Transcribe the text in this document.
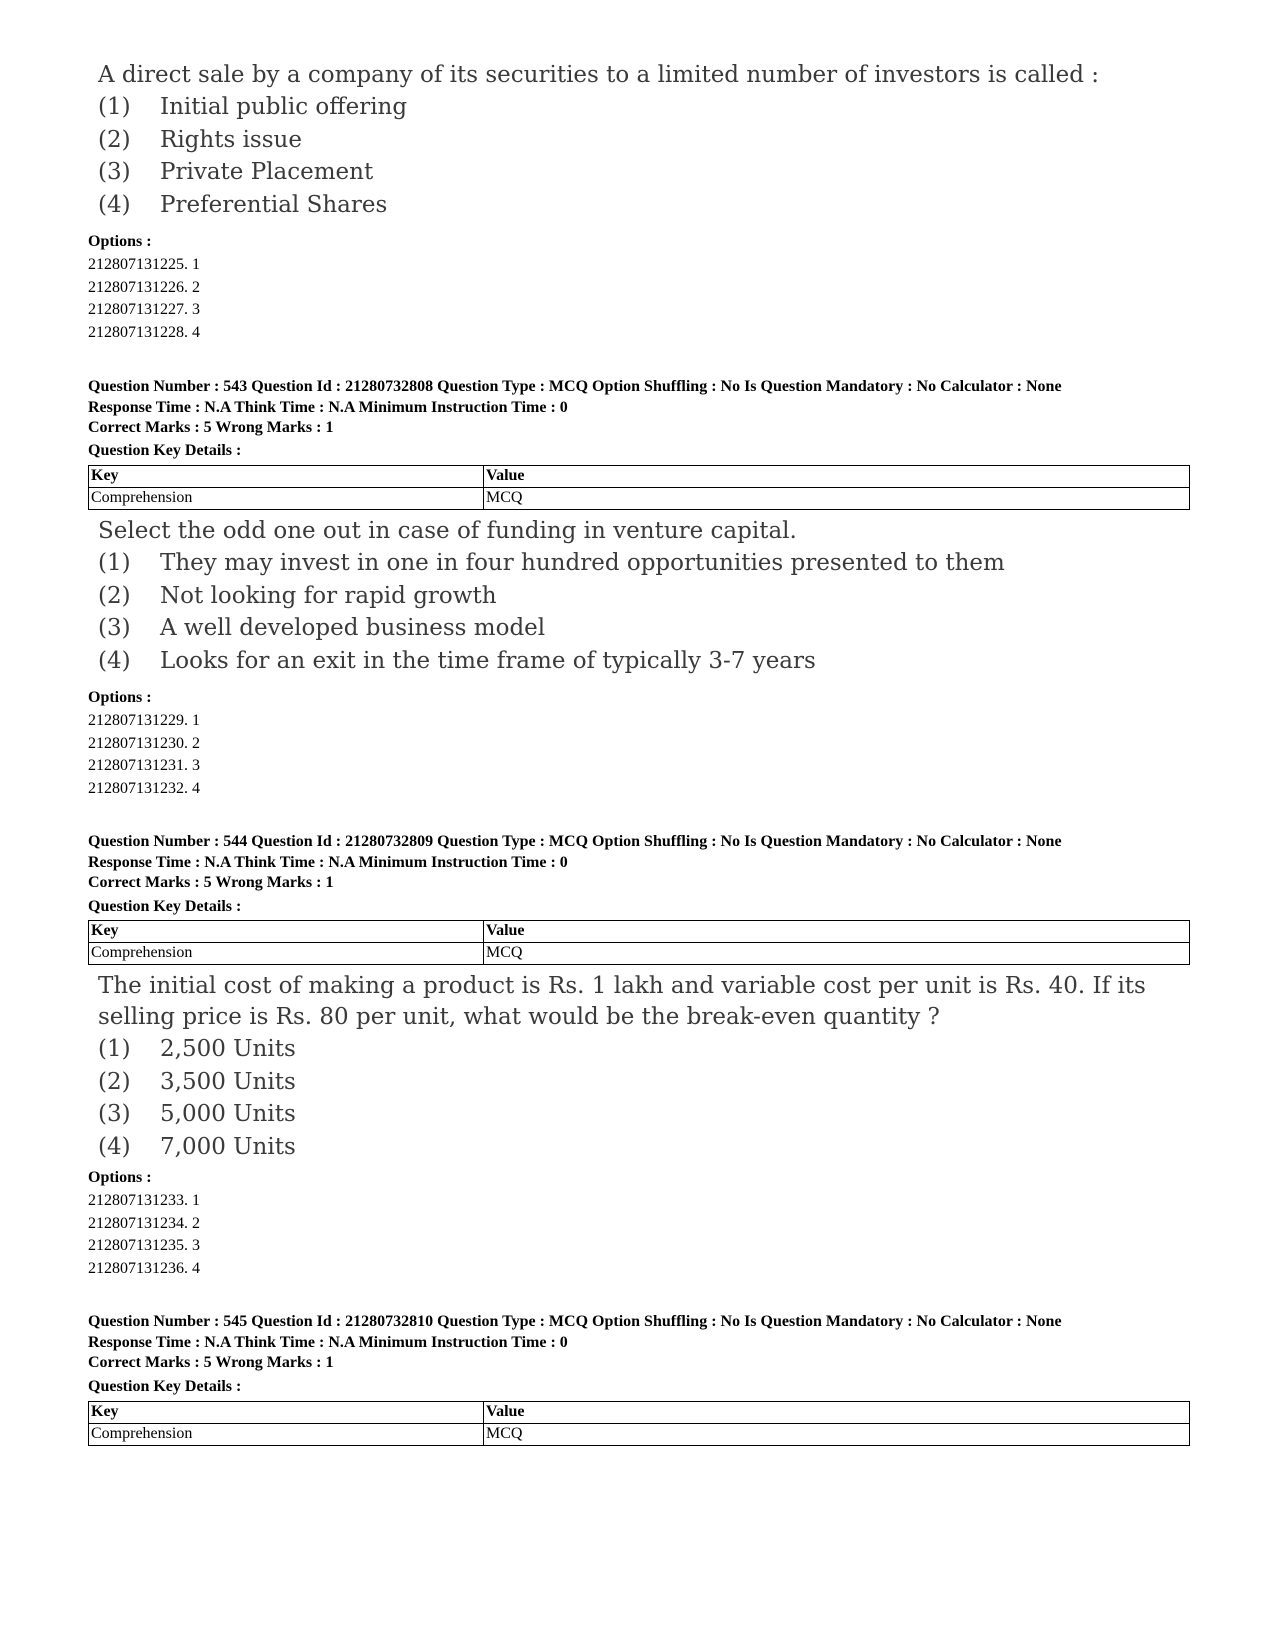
A direct sale by a company of its securities to a limited number of investors is called :

(1)	Initial public offering
(2)	Rights issue
(3)	Private Placement
(4)	Preferential Shares
Options :
212807131225. 1
212807131226. 2
212807131227. 3
212807131228. 4
Question Number : 543 Question Id : 21280732808 Question Type : MCQ Option Shuffling : No Is Question Mandatory : No Calculator : None
Response Time : N.A Think Time : N.A Minimum Instruction Time : 0
Correct Marks : 5 Wrong Marks : 1
Question Key Details :
Key	Value
Comprehension	MCQ

Select the odd one out in case of funding in venture capital.

(1)	They may invest in one in four hundred opportunities presented to them
(2)	Not looking for rapid growth
(3)	A well developed business model
(4)	Looks for an exit in the time frame of typically 3-7 years
Options :
212807131229. 1
212807131230. 2
212807131231. 3
212807131232. 4
Question Number : 544 Question Id : 21280732809 Question Type : MCQ Option Shuffling : No Is Question Mandatory : No Calculator : None
Response Time : N.A Think Time : N.A Minimum Instruction Time : 0
Correct Marks : 5 Wrong Marks : 1
Question Key Details :
Key	Value
Comprehension	MCQ

The initial cost of making a product is Rs. 1 lakh and variable cost per unit is Rs. 40. If its selling price is Rs. 80 per unit, what would be the break-even quantity ?

(1)	2,500 Units
(2)	3,500 Units
(3)	5,000 Units
(4)	7,000 Units
Options :
212807131233. 1
212807131234. 2
212807131235. 3
212807131236. 4
Question Number : 545 Question Id : 21280732810 Question Type : MCQ Option Shuffling : No Is Question Mandatory : No Calculator : None
Response Time : N.A Think Time : N.A Minimum Instruction Time : 0
Correct Marks : 5 Wrong Marks : 1
Question Key Details :
Key	Value
Comprehension	MCQ
